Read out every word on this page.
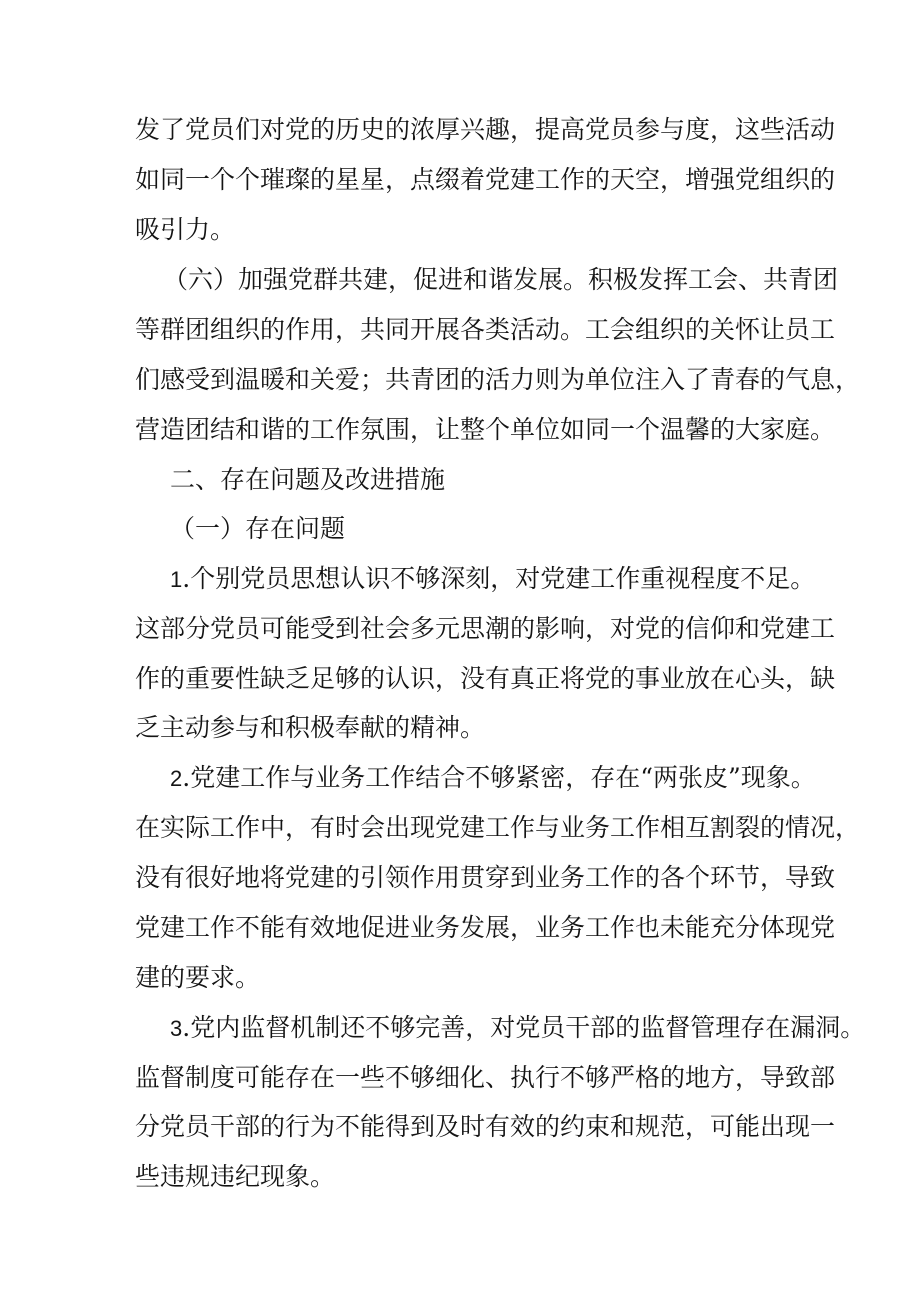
发了党员们对党的历史的浓厚兴趣，提高党员参与度，这些活动
如同一个个璀璨的星星，点缀着党建工作的天空，增强党组织的
吸引力。
（六）加强党群共建，促进和谐发展。积极发挥工会、共青团
等群团组织的作用，共同开展各类活动。工会组织的关怀让员工
们感受到温暖和关爱；共青团的活力则为单位注入了青春的气息，
营造团结和谐的工作氛围，让整个单位如同一个温馨的大家庭。
二、存在问题及改进措施
（一）存在问题
1.个别党员思想认识不够深刻，对党建工作重视程度不足。
这部分党员可能受到社会多元思潮的影响，对党的信仰和党建工
作的重要性缺乏足够的认识，没有真正将党的事业放在心头，缺
乏主动参与和积极奉献的精神。
2.党建工作与业务工作结合不够紧密，存在“两张皮”现象。
在实际工作中，有时会出现党建工作与业务工作相互割裂的情况，
没有很好地将党建的引领作用贯穿到业务工作的各个环节，导致
党建工作不能有效地促进业务发展，业务工作也未能充分体现党
建的要求。
3.党内监督机制还不够完善，对党员干部的监督管理存在漏洞。
监督制度可能存在一些不够细化、执行不够严格的地方，导致部
分党员干部的行为不能得到及时有效的约束和规范，可能出现一
些违规违纪现象。
